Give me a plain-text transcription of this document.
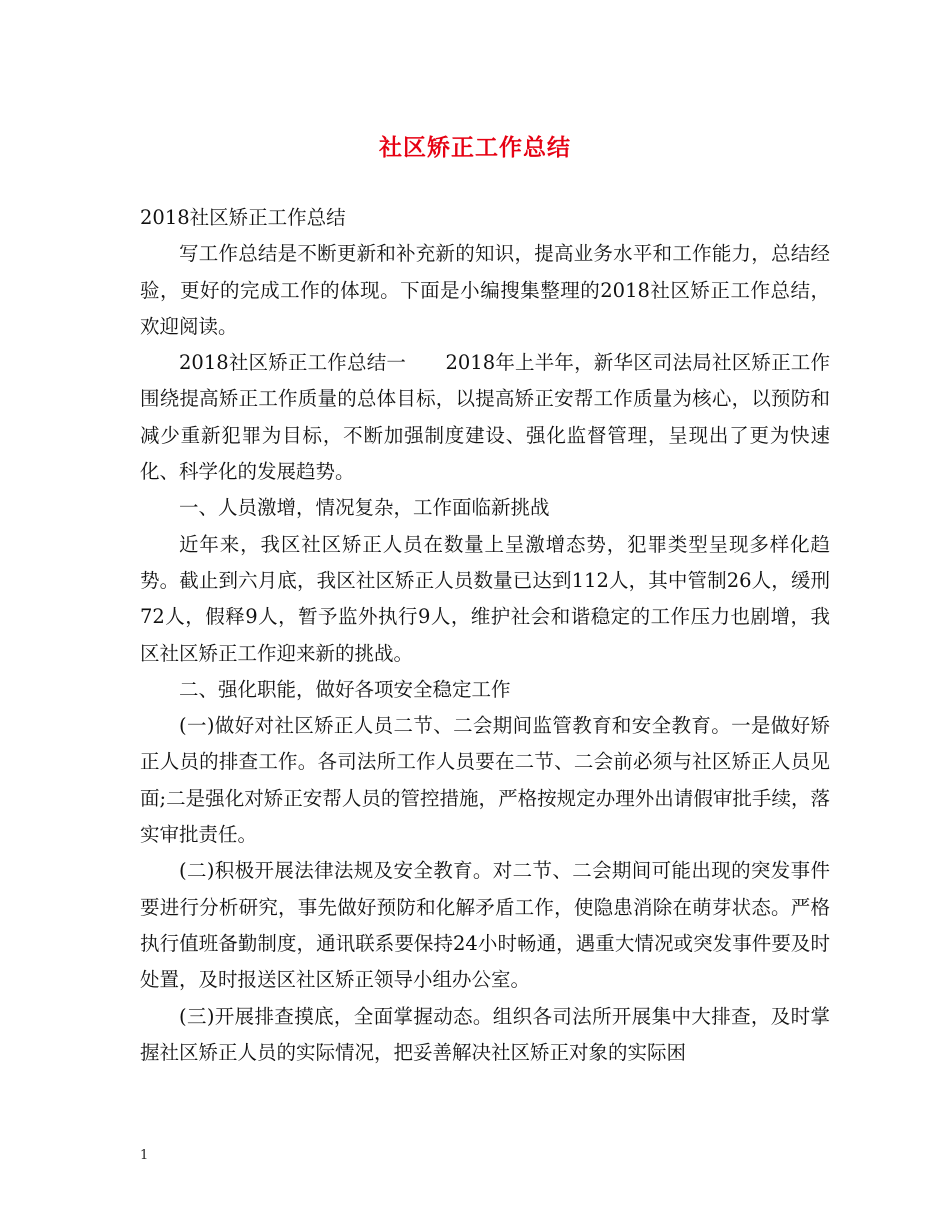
社区矫正工作总结

2018社区矫正工作总结

写工作总结是不断更新和补充新的知识，提高业务水平和工作能力，总结经验，更好的完成工作的体现。下面是小编搜集整理的2018社区矫正工作总结，欢迎阅读。

2018社区矫正工作总结一　　2018年上半年，新华区司法局社区矫正工作围绕提高矫正工作质量的总体目标，以提高矫正安帮工作质量为核心，以预防和减少重新犯罪为目标，不断加强制度建设、强化监督管理，呈现出了更为快速化、科学化的发展趋势。

一、人员激增，情况复杂，工作面临新挑战

近年来，我区社区矫正人员在数量上呈激增态势，犯罪类型呈现多样化趋势。截止到六月底，我区社区矫正人员数量已达到112人，其中管制26人，缓刑72人，假释9人，暂予监外执行9人，维护社会和谐稳定的工作压力也剧增，我区社区矫正工作迎来新的挑战。

二、强化职能，做好各项安全稳定工作

(一)做好对社区矫正人员二节、二会期间监管教育和安全教育。一是做好矫正人员的排查工作。各司法所工作人员要在二节、二会前必须与社区矫正人员见面;二是强化对矫正安帮人员的管控措施，严格按规定办理外出请假审批手续，落实审批责任。

(二)积极开展法律法规及安全教育。对二节、二会期间可能出现的突发事件要进行分析研究，事先做好预防和化解矛盾工作，使隐患消除在萌芽状态。严格执行值班备勤制度，通讯联系要保持24小时畅通，遇重大情况或突发事件要及时处置，及时报送区社区矫正领导小组办公室。

(三)开展排查摸底，全面掌握动态。组织各司法所开展集中大排查，及时掌握社区矫正人员的实际情况，把妥善解决社区矫正对象的实际困

1
